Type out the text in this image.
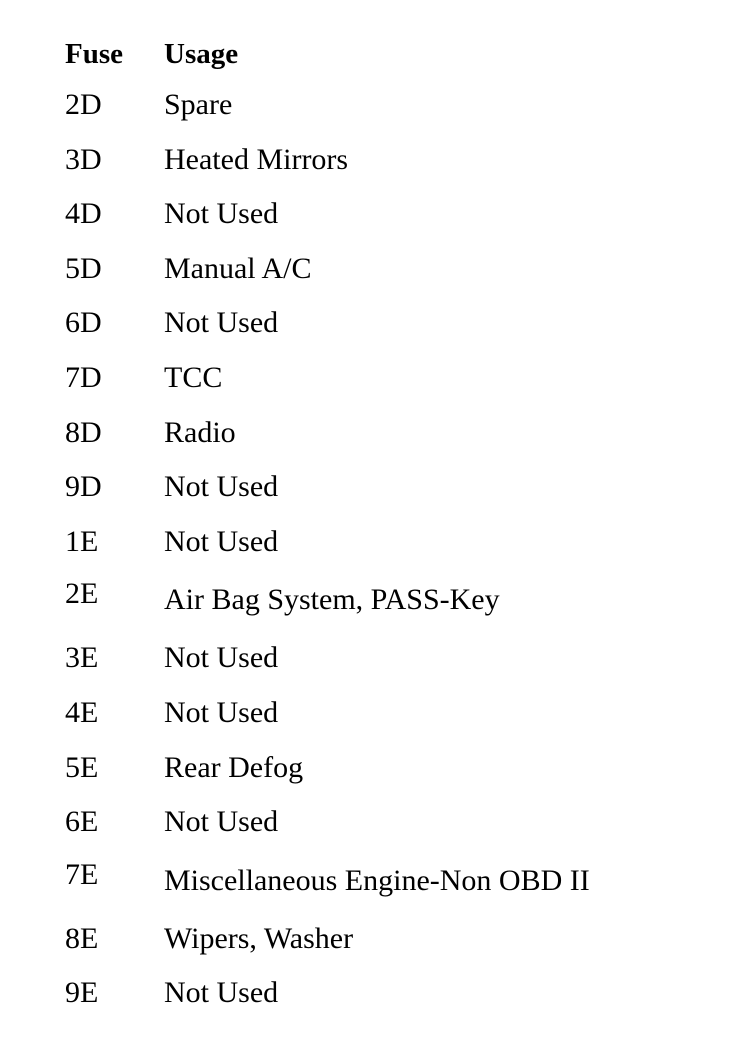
Fuse	Usage
2D	Spare
3D	Heated Mirrors
4D	Not Used
5D	Manual A/C
6D	Not Used
7D	TCC
8D	Radio
9D	Not Used
1E	Not Used
2E	Air Bag System, PASS-Key
3E	Not Used
4E	Not Used
5E	Rear Defog
6E	Not Used
7E	Miscellaneous Engine-Non OBD II
8E	Wipers, Washer
9E	Not Used
